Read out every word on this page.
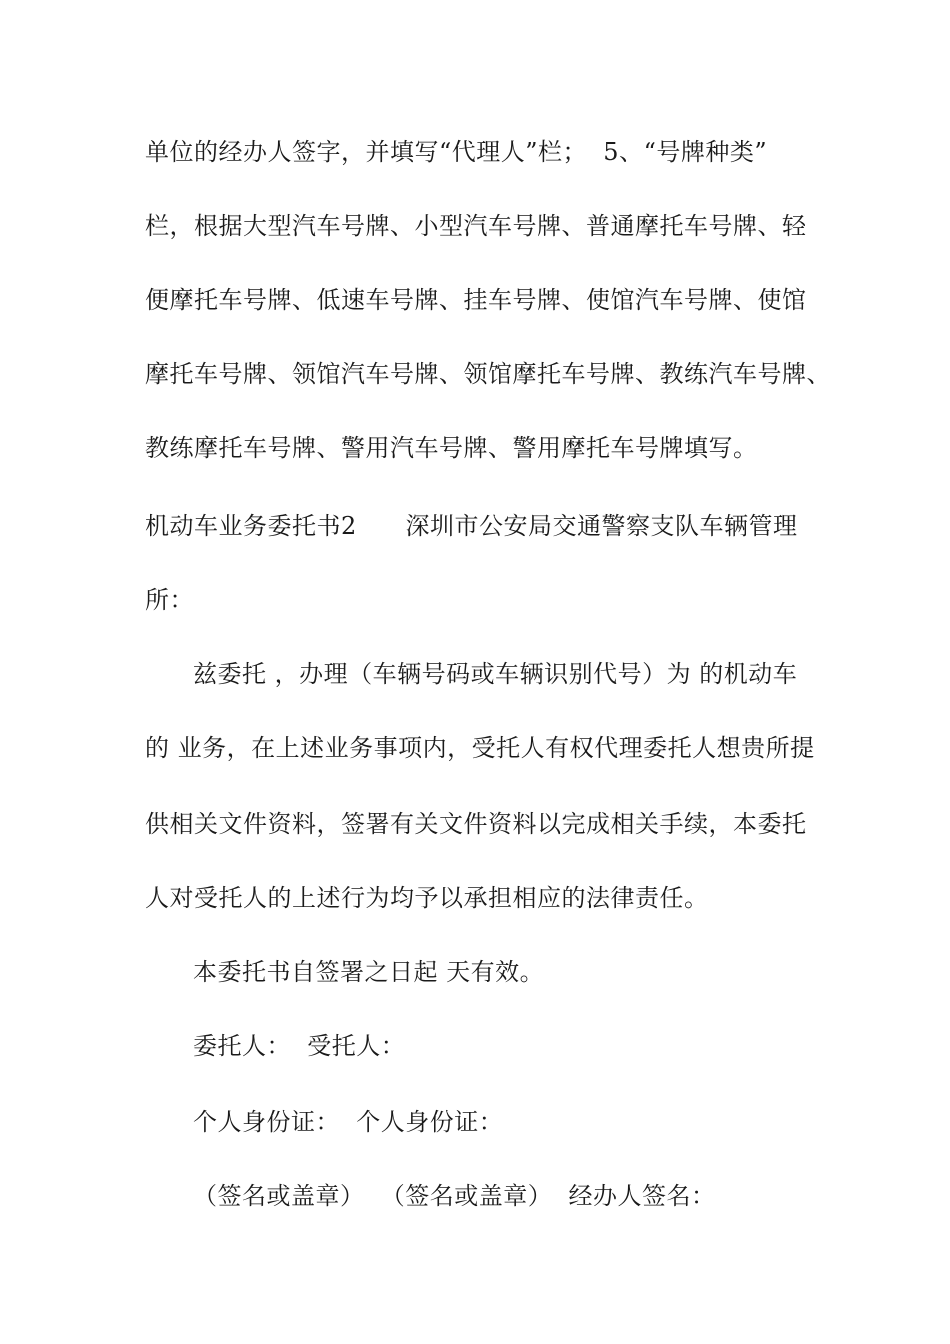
单位的经办人签字，并填写“代理人”栏；  5、“号牌种类”
栏，根据大型汽车号牌、小型汽车号牌、普通摩托车号牌、轻
便摩托车号牌、低速车号牌、挂车号牌、使馆汽车号牌、使馆
摩托车号牌、领馆汽车号牌、领馆摩托车号牌、教练汽车号牌、
教练摩托车号牌、警用汽车号牌、警用摩托车号牌填写。
机动车业务委托书2      深圳市公安局交通警察支队车辆管理
所：
兹委托 ，办理（车辆号码或车辆识别代号）为 的机动车
的 业务，在上述业务事项内，受托人有权代理委托人想贵所提
供相关文件资料，签署有关文件资料以完成相关手续，本委托
人对受托人的上述行为均予以承担相应的法律责任。
本委托书自签署之日起 天有效。
委托人：  受托人：
个人身份证：  个人身份证：
（签名或盖章）  （签名或盖章）  经办人签名：
